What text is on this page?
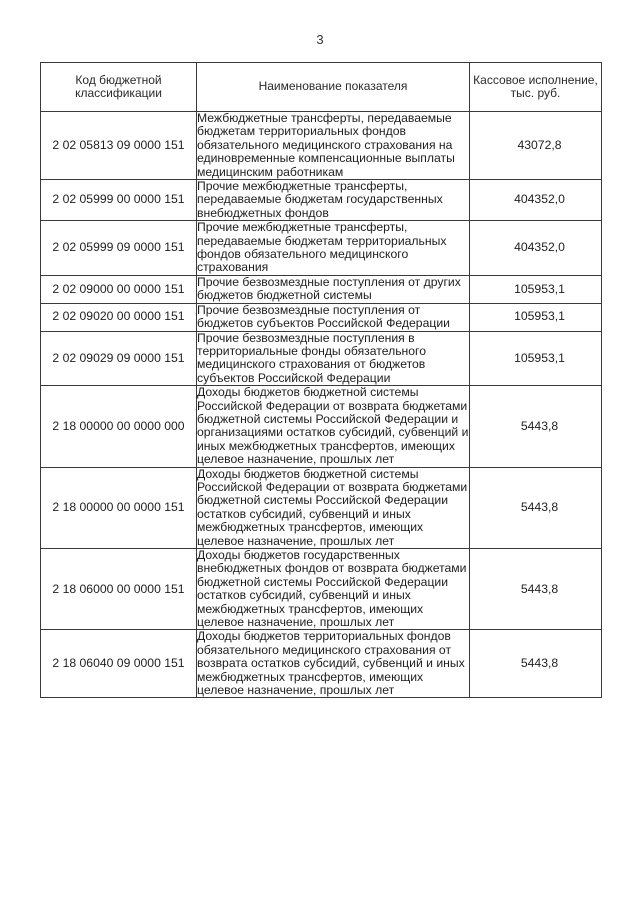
3
Код бюджетной классификации	Наименование показателя	Кассовое исполнение, тыс. руб.
2 02 05813 09 0000 151	Межбюджетные трансферты, передаваемые бюджетам территориальных фондов обязательного медицинского страхования на единовременные компенсационные выплаты медицинским работникам	43072,8
2 02 05999 00 0000 151	Прочие межбюджетные трансферты, передаваемые бюджетам государственных внебюджетных фондов	404352,0
2 02 05999 09 0000 151	Прочие межбюджетные трансферты, передаваемые бюджетам территориальных фондов обязательного медицинского страхования	404352,0
2 02 09000 00 0000 151	Прочие безвозмездные поступления от других бюджетов бюджетной системы	105953,1
2 02 09020 00 0000 151	Прочие безвозмездные поступления от бюджетов субъектов Российской Федерации	105953,1
2 02 09029 09 0000 151	Прочие безвозмездные поступления в территориальные фонды обязательного медицинского страхования от бюджетов субъектов Российской Федерации	105953,1
2 18 00000 00 0000 000	Доходы бюджетов бюджетной системы Российской Федерации от возврата бюджетами бюджетной системы Российской Федерации и организациями остатков субсидий, субвенций и иных межбюджетных трансфертов, имеющих целевое назначение, прошлых лет	5443,8
2 18 00000 00 0000 151	Доходы бюджетов бюджетной системы Российской Федерации от возврата бюджетами бюджетной системы Российской Федерации остатков субсидий, субвенций и иных межбюджетных трансфертов, имеющих целевое назначение, прошлых лет	5443,8
2 18 06000 00 0000 151	Доходы бюджетов государственных внебюджетных фондов от возврата бюджетами бюджетной системы Российской Федерации остатков субсидий, субвенций и иных межбюджетных трансфертов, имеющих целевое назначение, прошлых лет	5443,8
2 18 06040 09 0000 151	Доходы бюджетов территориальных фондов обязательного медицинского страхования от возврата остатков субсидий, субвенций и иных межбюджетных трансфертов, имеющих целевое назначение, прошлых лет	5443,8
